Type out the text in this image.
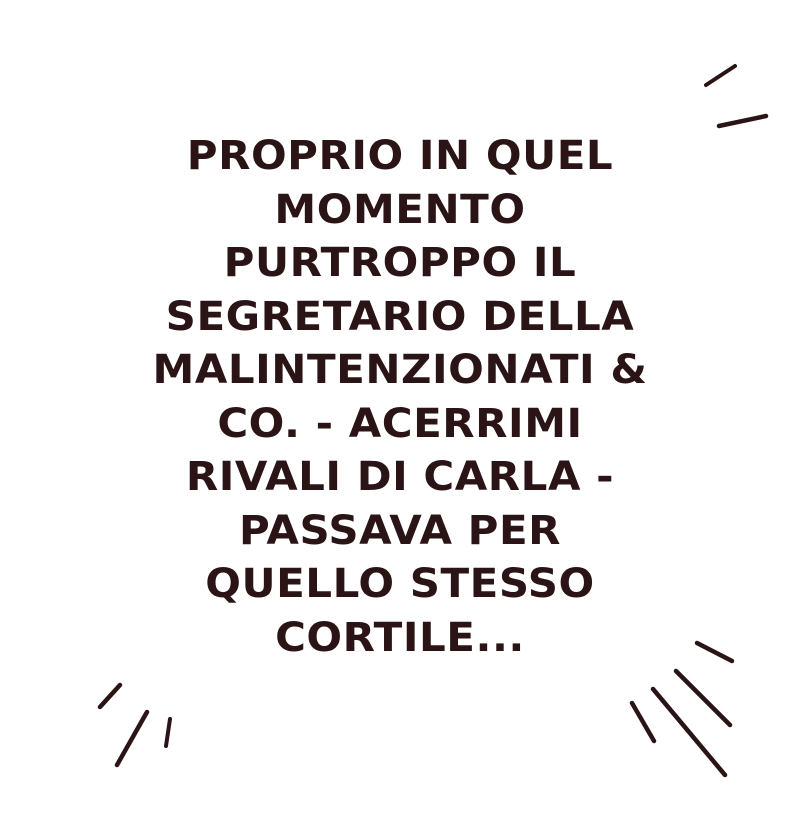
PROPRIO IN QUEL
MOMENTO
PURTROPPO IL
SEGRETARIO DELLA
MALINTENZIONATI &
CO. - ACERRIMI
RIVALI DI CARLA -
PASSAVA PER
QUELLO STESSO
CORTILE...
